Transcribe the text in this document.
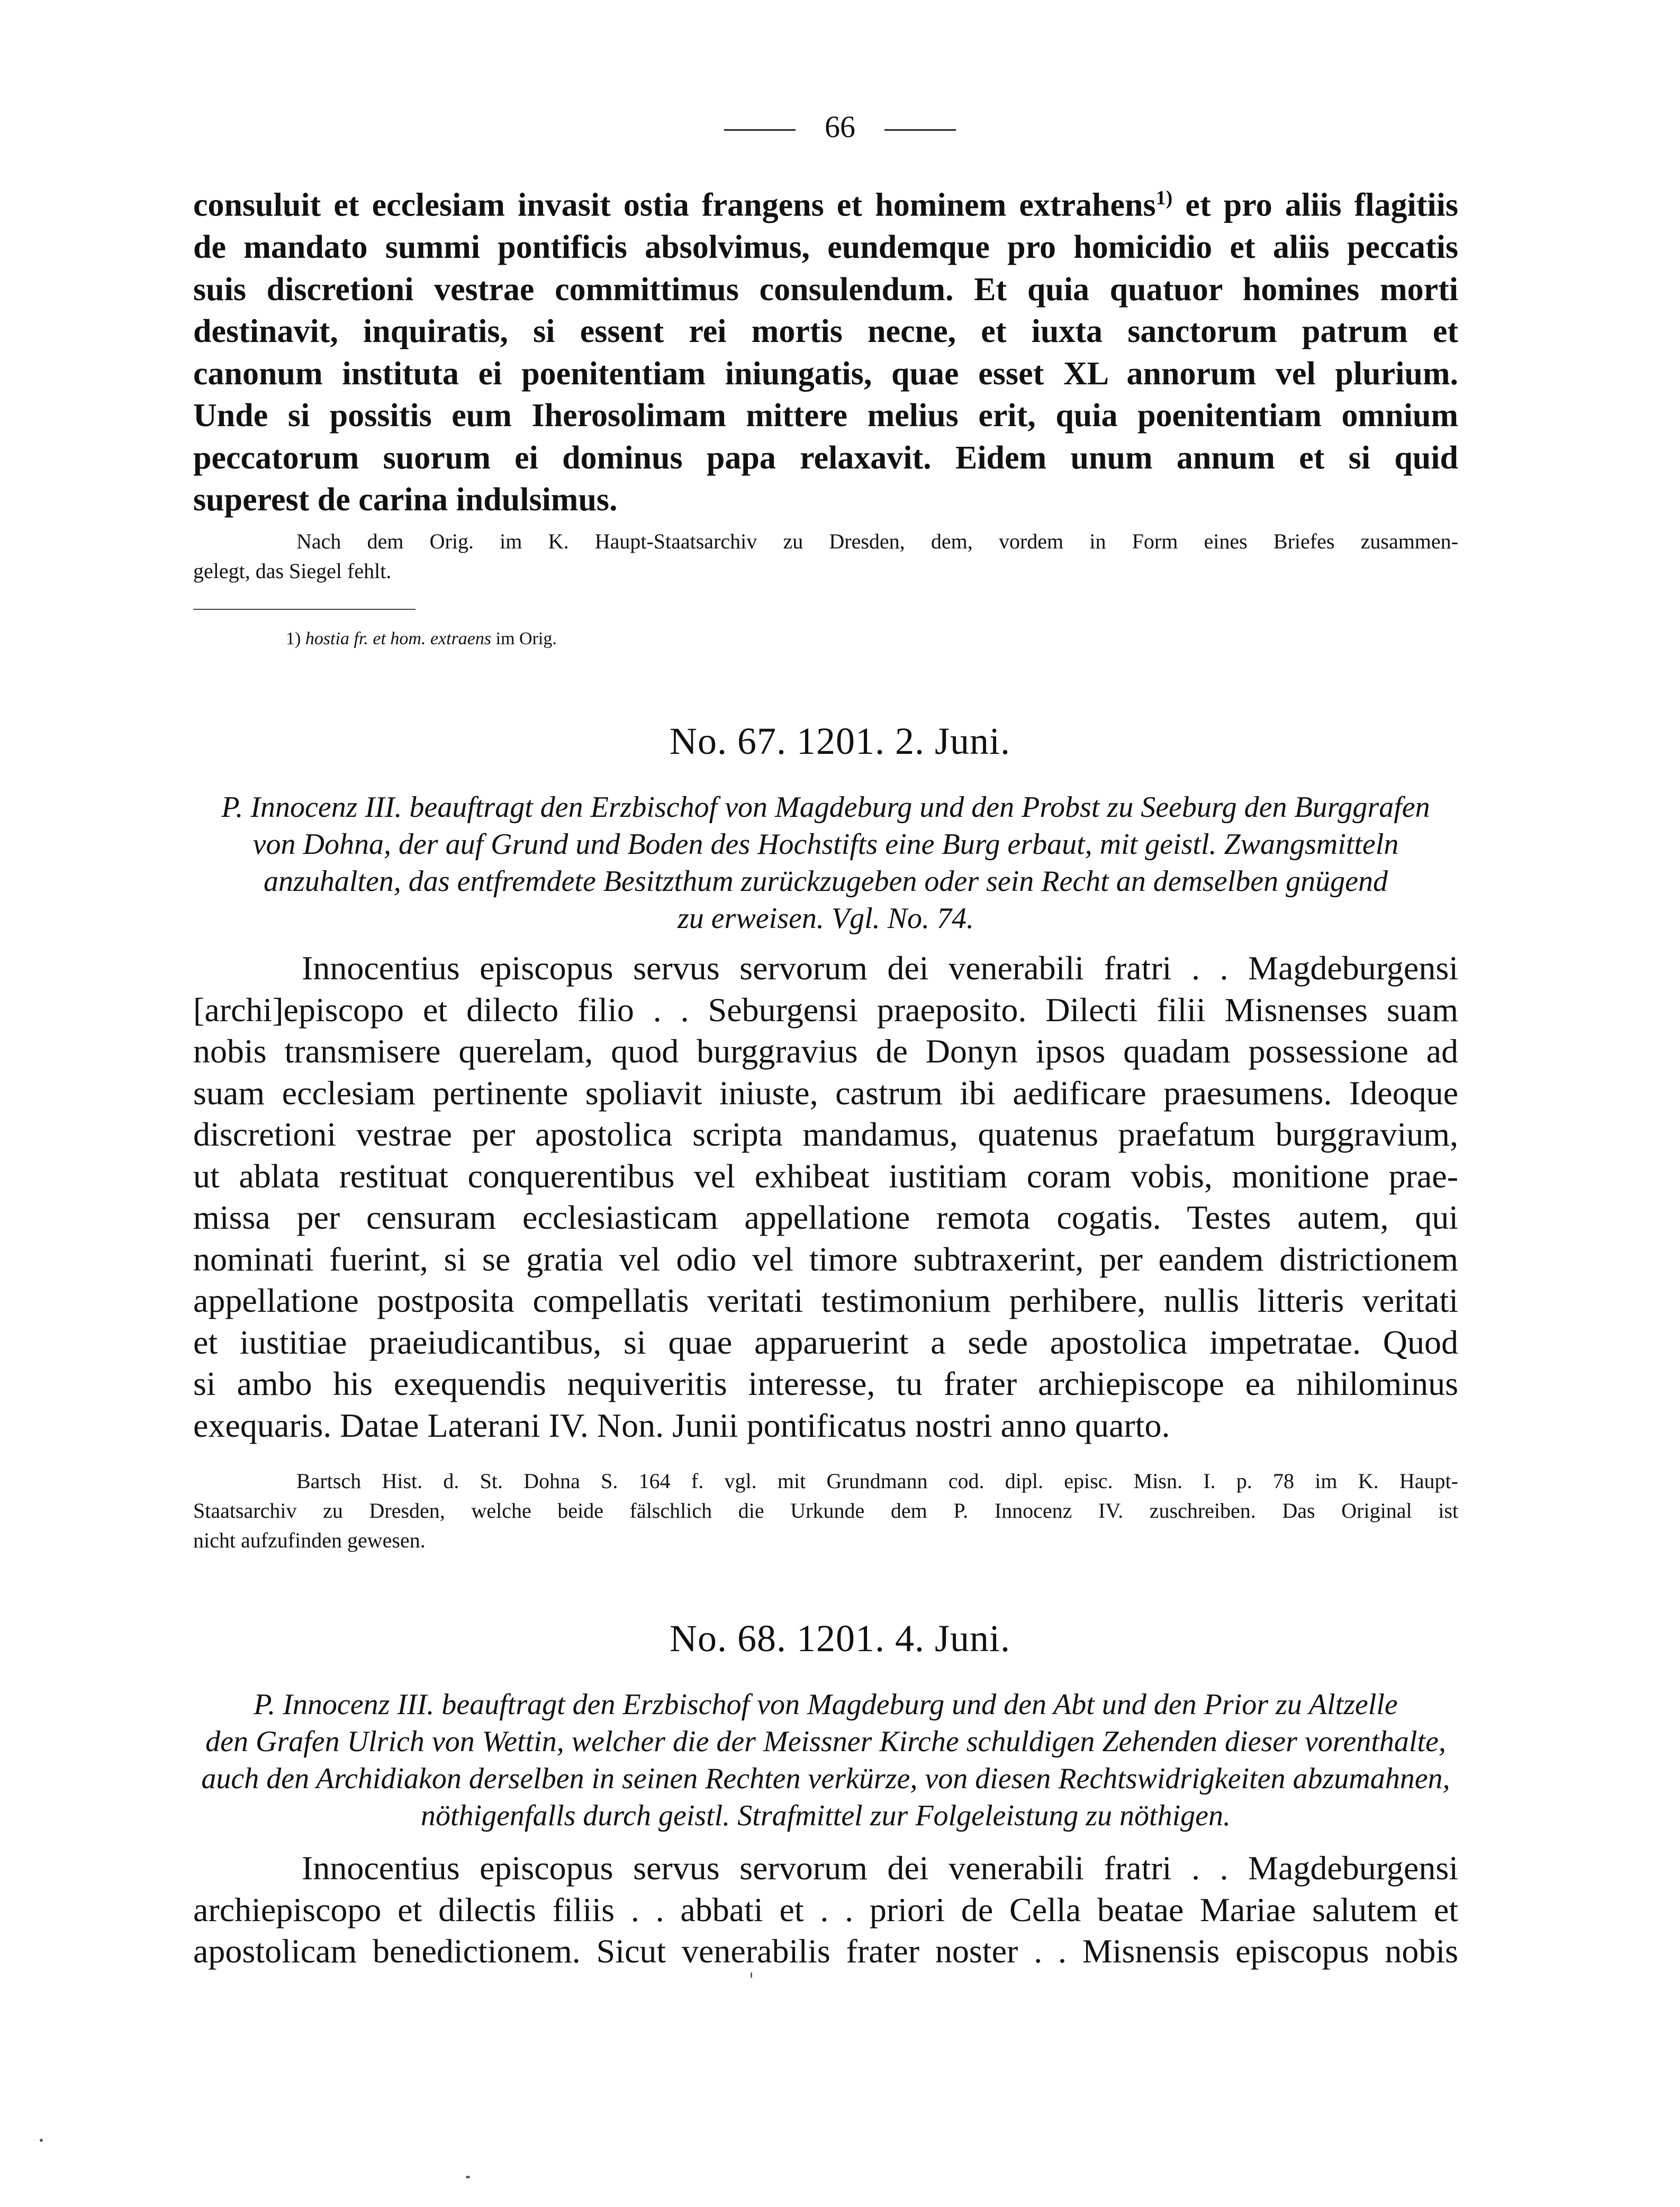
66
consuluit et ecclesiam invasit ostia frangens et hominem extrahens$^{1)}$ et pro aliis flagitiis
de mandato summi pontificis absolvimus, eundemque pro homicidio et aliis peccatis
suis discretioni vestrae committimus consulendum. Et quia quatuor homines morti
destinavit, inquiratis, si essent rei mortis necne, et iuxta sanctorum patrum et
canonum instituta ei poenitentiam iniungatis, quae esset XL annorum vel plurium.
Unde si possitis eum Iherosolimam mittere melius erit, quia poenitentiam omnium
peccatorum suorum ei dominus papa relaxavit. Eidem unum annum et si quid
superest de carina indulsimus.
Nach dem Orig. im K. Haupt-Staatsarchiv zu Dresden, dem, vordem in Form eines Briefes zusammen-
gelegt, das Siegel fehlt.
1) hostia fr. et hom. extraens im Orig.
No. 67. 1201. 2. Juni.
P. Innocenz III. beauftragt den Erzbischof von Magdeburg und den Probst zu Seeburg den Burggrafen
von Dohna, der auf Grund und Boden des Hochstifts eine Burg erbaut, mit geistl. Zwangsmitteln
anzuhalten, das entfremdete Besitzthum zurückzugeben oder sein Recht an demselben gnügend
zu erweisen. Vgl. No. 74.
Innocentius episcopus servus servorum dei venerabili fratri . . Magdeburgensi
[archi]episcopo et dilecto filio . . Seburgensi praeposito. Dilecti filii Misnenses suam
nobis transmisere querelam, quod burggravius de Donyn ipsos quadam possessione ad
suam ecclesiam pertinente spoliavit iniuste, castrum ibi aedificare praesumens. Ideoque
discretioni vestrae per apostolica scripta mandamus, quatenus praefatum burggravium,
ut ablata restituat conquerentibus vel exhibeat iustitiam coram vobis, monitione prae-
missa per censuram ecclesiasticam appellatione remota cogatis. Testes autem, qui
nominati fuerint, si se gratia vel odio vel timore subtraxerint, per eandem districtionem
appellatione postposita compellatis veritati testimonium perhibere, nullis litteris veritati
et iustitiae praeiudicantibus, si quae apparuerint a sede apostolica impetratae. Quod
si ambo his exequendis nequiveritis interesse, tu frater archiepiscope ea nihilominus
exequaris. Datae Laterani IV. Non. Junii pontificatus nostri anno quarto.
Bartsch Hist. d. St. Dohna S. 164 f. vgl. mit Grundmann cod. dipl. episc. Misn. I. p. 78 im K. Haupt-
Staatsarchiv zu Dresden, welche beide fälschlich die Urkunde dem P. Innocenz IV. zuschreiben. Das Original ist
nicht aufzufinden gewesen.
No. 68. 1201. 4. Juni.
P. Innocenz III. beauftragt den Erzbischof von Magdeburg und den Abt und den Prior zu Altzelle
den Grafen Ulrich von Wettin, welcher die der Meissner Kirche schuldigen Zehenden dieser vorenthalte,
auch den Archidiakon derselben in seinen Rechten verkürze, von diesen Rechtswidrigkeiten abzumahnen,
nöthigenfalls durch geistl. Strafmittel zur Folgeleistung zu nöthigen.
Innocentius episcopus servus servorum dei venerabili fratri . . Magdeburgensi
archiepiscopo et dilectis filiis . . abbati et . . priori de Cella beatae Mariae salutem et
apostolicam benedictionem. Sicut venerabilis frater noster . . Misnensis episcopus nobis
